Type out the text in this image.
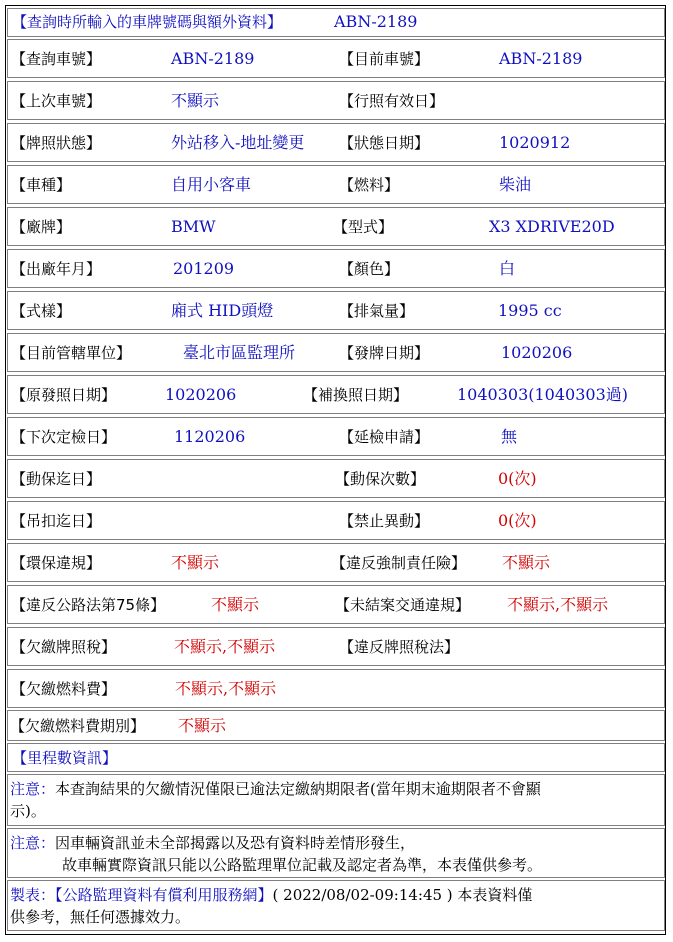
【查詢時所輸入的車牌號碼與額外資料】	ABN-2189
【查詢車號】	ABN-2189	【目前車號】	ABN-2189
【上次車號】	不顯示	【行照有效日】
【牌照狀態】	外站移入-地址變更 【狀態日期】	1020912
【車種】	自用小客車	【燃料】	柴油
【廠牌】	BMW	【型式】	X3 XDRIVE20D
【出廠年月】	201209	【顏色】	白
【式樣】	廂式 HID頭燈	【排氣量】	1995 cc
【目前管轄單位】	臺北市區監理所	【發牌日期】	1020206
【原發照日期】	1020206	【補換照日期】	1040303(1040303過)
【下次定檢日】	1120206	【延檢申請】	無
【動保迄日】	【動保次數】	0(次)
【吊扣迄日】	【禁止異動】	0(次)
【環保違規】	不顯示	【違反強制責任險】 不顯示
【違反公路法第75條】	不顯示	【未結案交通違規】 不顯示,不顯示
【欠繳牌照稅】	不顯示,不顯示	【違反牌照稅法】
【欠繳燃料費】	不顯示,不顯示
【欠繳燃料費期別】 不顯示
【里程數資訊】
注意：本查詢結果的欠繳情況僅限已逾法定繳納期限者(當年期末逾期限者不會顯
示)。
注意：因車輛資訊並未全部揭露以及恐有資料時差情形發生，
故車輛實際資訊只能以公路監理單位記載及認定者為準，本表僅供參考。
製表：【公路監理資料有償利用服務網】( 2022/08/02-09:14:45 ) 本表資料僅
供參考，無任何憑據效力。
